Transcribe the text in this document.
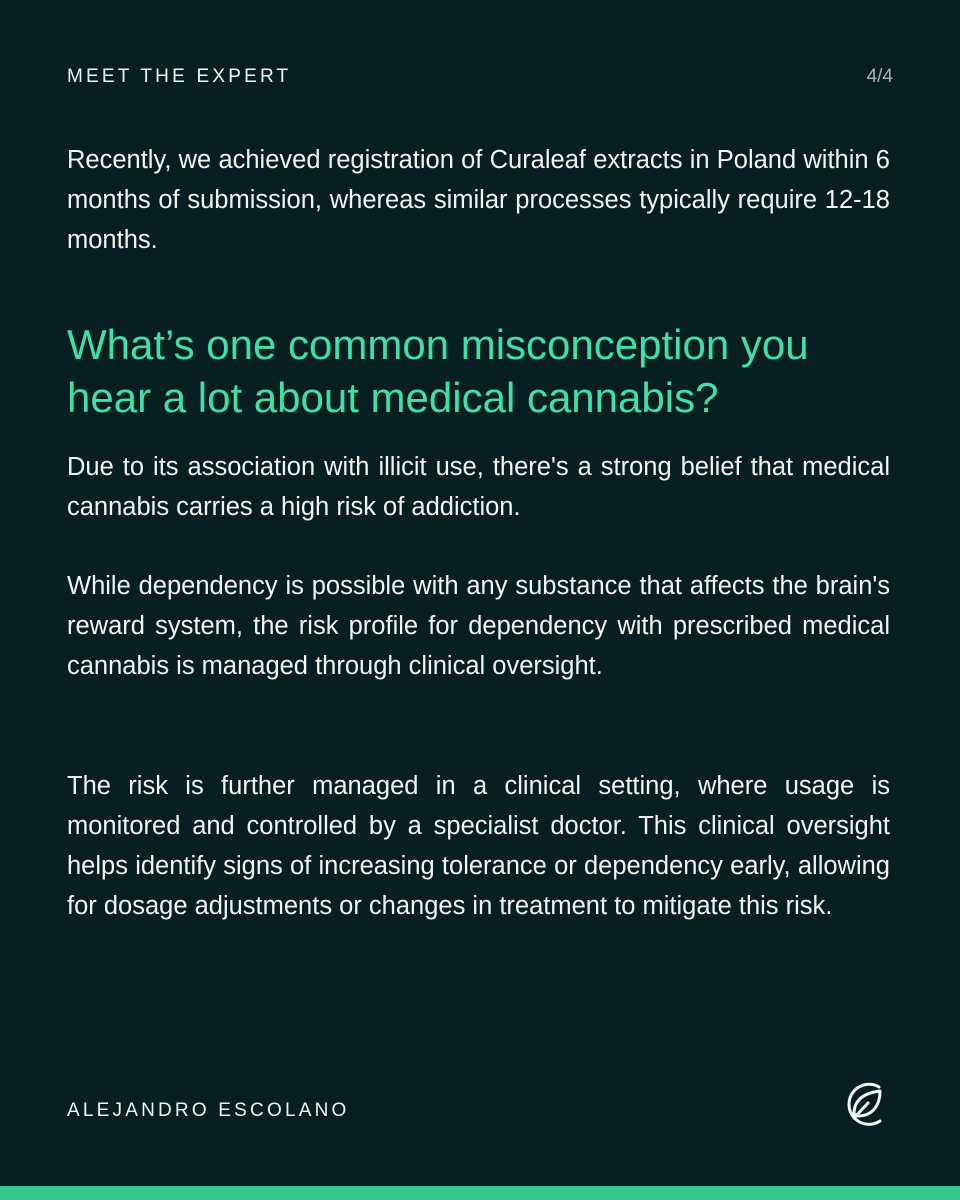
MEET THE EXPERT	4/4

Recently, we achieved registration of Curaleaf extracts in Poland within 6 months of submission, whereas similar processes typically require 12-18 months.

What’s one common misconception you hear a lot about medical cannabis?

Due to its association with illicit use, there's a strong belief that medical cannabis carries a high risk of addiction.

While dependency is possible with any substance that affects the brain's reward system, the risk profile for dependency with prescribed medical cannabis is managed through clinical oversight.

The risk is further managed in a clinical setting, where usage is monitored and controlled by a specialist doctor. This clinical oversight helps identify signs of increasing tolerance or dependency early, allowing for dosage adjustments or changes in treatment to mitigate this risk.

ALEJANDRO ESCOLANO
